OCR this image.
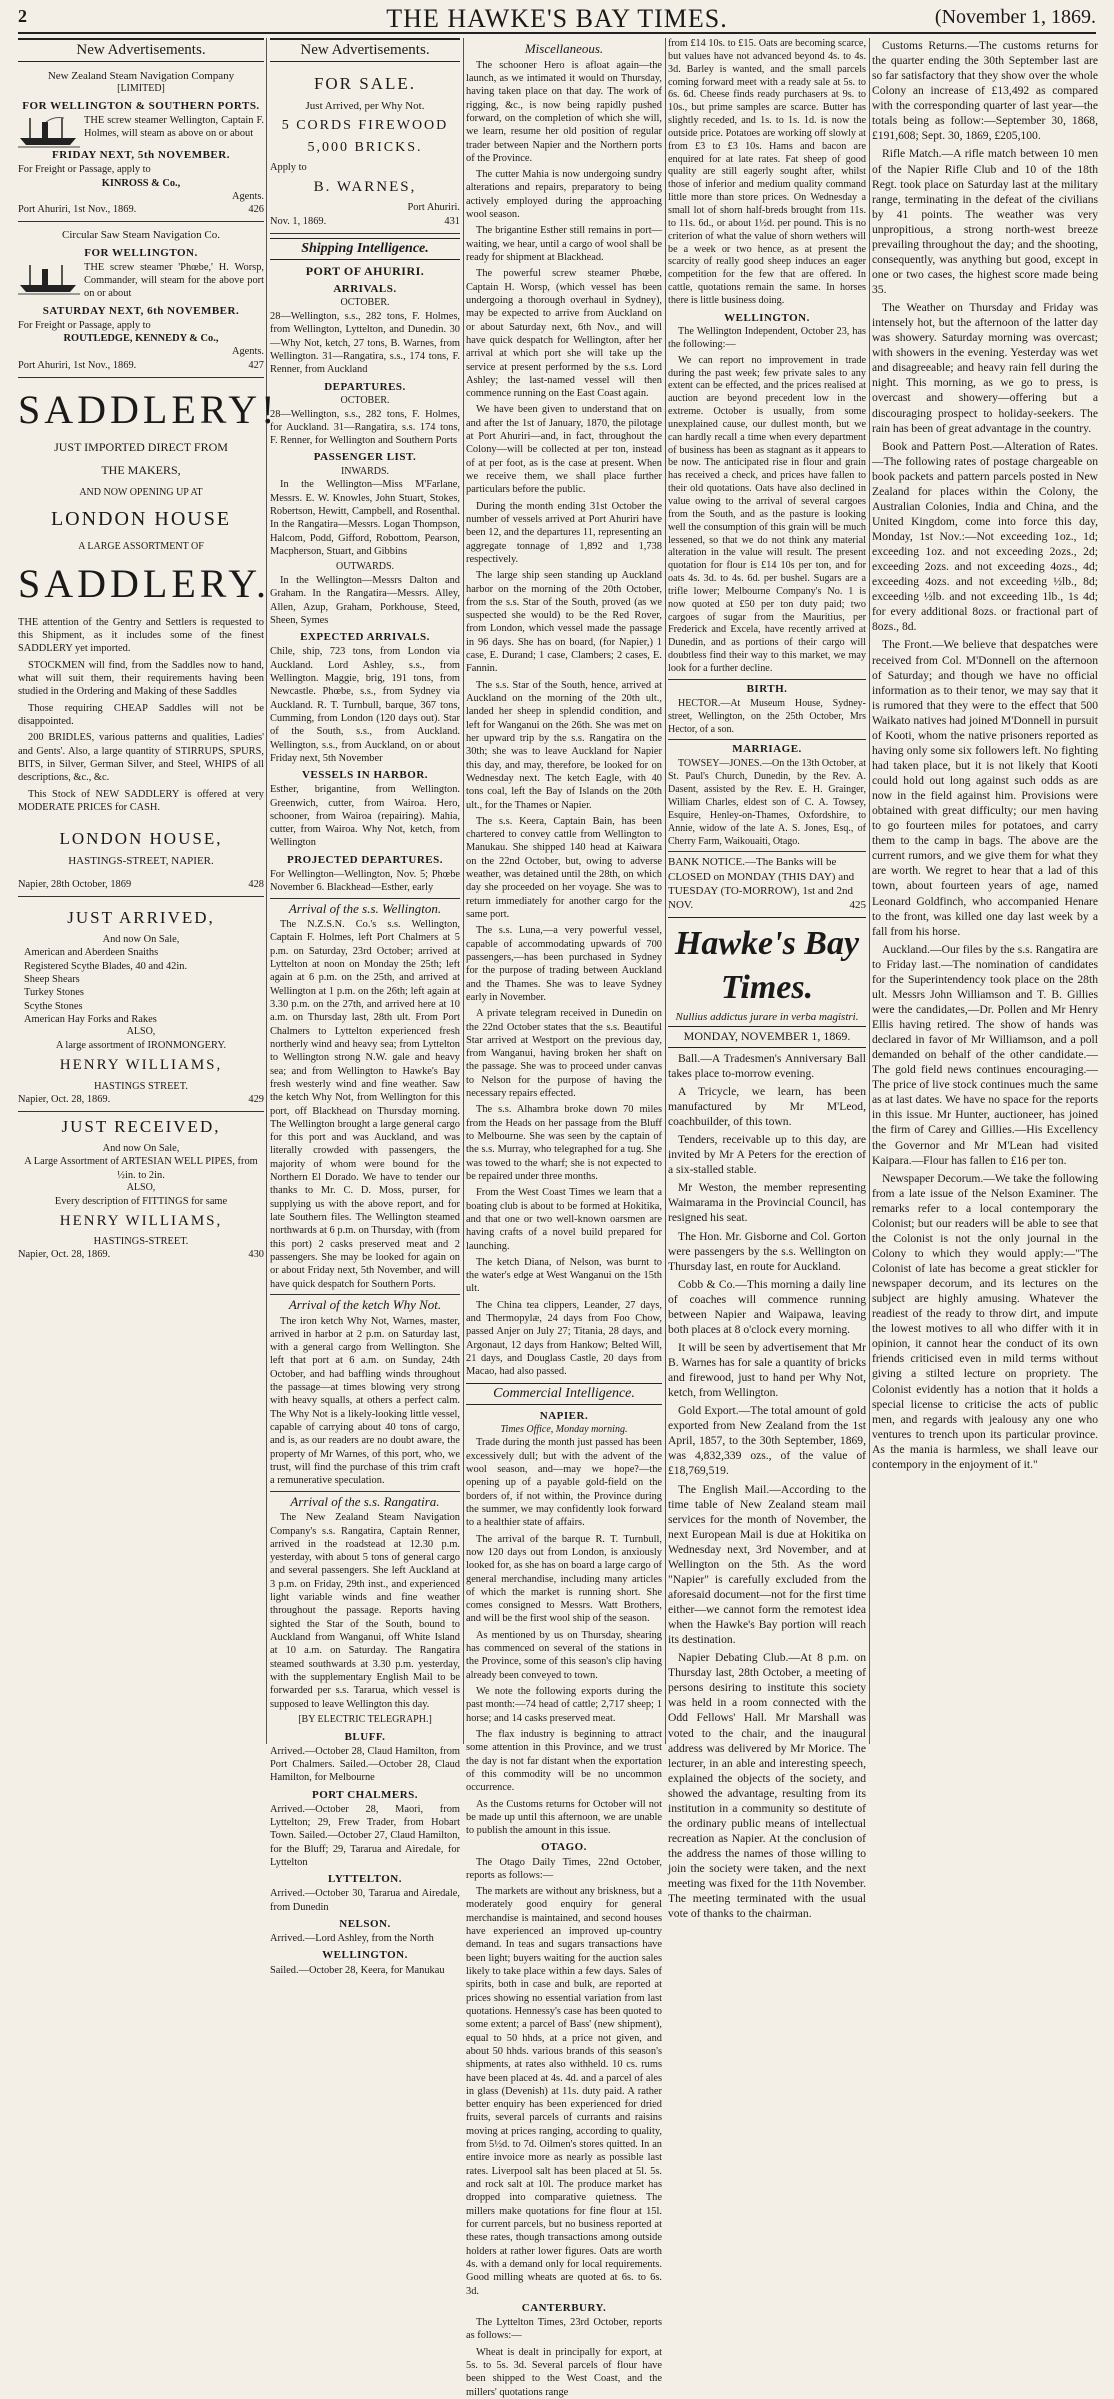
2	THE HAWKE'S BAY TIMES.	(November 1, 1869.
New Advertisements.
New Zealand Steam Navigation Company
[LIMITED]
FOR WELLINGTON & SOUTHERN PORTS.

THE screw steamer Wellington, Captain F. Holmes, will steam as above on or about

FRIDAY NEXT, 5th NOVEMBER.
For Freight or Passage, apply to
KINROSS & Co.,
Agents.
Port Ahuriri, 1st Nov., 1869.	426
Circular Saw Steam Navigation Co.
FOR WELLINGTON.

THE screw steamer 'Phœbe,' H. Worsp, Commander, will steam for the above port on or about

SATURDAY NEXT, 6th NOVEMBER.
For Freight or Passage, apply to
ROUTLEDGE, KENNEDY & Co.,
Agents.
Port Ahuriri, 1st Nov., 1869.	427
SADDLERY!
JUST IMPORTED DIRECT FROM
THE MAKERS,
AND NOW OPENING UP AT
LONDON HOUSE
A LARGE ASSORTMENT OF
SADDLERY.

THE attention of the Gentry and Settlers is requested to this Shipment, as it includes some of the finest SADDLERY yet imported.

STOCKMEN will find, from the Saddles now to hand, what will suit them, their requirements having been studied in the Ordering and Making of these Saddles

Those requiring CHEAP Saddles will not be disappointed.

200 BRIDLES, various patterns and qualities, Ladies' and Gents'. Also, a large quantity of STIRRUPS, SPURS, BITS, in Silver, German Silver, and Steel, WHIPS of all descriptions, &c., &c.

This Stock of NEW SADDLERY is offered at very MODERATE PRICES for CASH.

LONDON HOUSE,
HASTINGS-STREET, NAPIER.
Napier, 28th October, 1869	428
JUST ARRIVED,
And now On Sale,
American and Aberdeen Snaiths
Registered Scythe Blades, 40 and 42in.
Sheep Shears
Turkey Stones
Scythe Stones
American Hay Forks and Rakes
ALSO,
A large assortment of IRONMONGERY.
HENRY WILLIAMS,
HASTINGS STREET.
Napier, Oct. 28, 1869.	429
JUST RECEIVED,
And now On Sale,
A Large Assortment of ARTESIAN WELL PIPES, from ½in. to 2in.
ALSO,
Every description of FITTINGS for same
HENRY WILLIAMS,
HASTINGS-STREET.
Napier, Oct. 28, 1869.	430
New Advertisements.
FOR SALE.
Just Arrived, per Why Not.
5 CORDS FIREWOOD
5,000 BRICKS.
Apply to
B. WARNES,
Port Ahuriri.
Nov. 1, 1869.	431
Shipping Intelligence.
PORT OF AHURIRI.
ARRIVALS.
OCTOBER.

28—Wellington, s.s., 282 tons, F. Holmes, from Wellington, Lyttelton, and Dunedin. 30—Why Not, ketch, 27 tons, B. Warnes, from Wellington. 31—Rangatira, s.s., 174 tons, F. Renner, from Auckland

DEPARTURES.
OCTOBER.

28—Wellington, s.s., 282 tons, F. Holmes, for Auckland. 31—Rangatira, s.s. 174 tons, F. Renner, for Wellington and Southern Ports

PASSENGER LIST.
INWARDS.

In the Wellington—Miss M'Farlane, Messrs. E. W. Knowles, John Stuart, Stokes, Robertson, Hewitt, Campbell, and Rosenthal. In the Rangatira—Messrs. Logan Thompson, Halcom, Podd, Gifford, Robottom, Pearson, Macpherson, Stuart, and Gibbins

OUTWARDS.

In the Wellington—Messrs Dalton and Graham. In the Rangatira—Messrs. Alley, Allen, Azup, Graham, Porkhouse, Steed, Sheen, Symes

EXPECTED ARRIVALS.

Chile, ship, 723 tons, from London via Auckland. Lord Ashley, s.s., from Wellington. Maggie, brig, 191 tons, from Newcastle. Phœbe, s.s., from Sydney via Auckland. R. T. Turnbull, barque, 367 tons, Cumming, from London (120 days out). Star of the South, s.s., from Auckland. Wellington, s.s., from Auckland, on or about Friday next, 5th November

VESSELS IN HARBOR.

Esther, brigantine, from Wellington. Greenwich, cutter, from Wairoa. Hero, schooner, from Wairoa (repairing). Mahia, cutter, from Wairoa. Why Not, ketch, from Wellington

PROJECTED DEPARTURES.

For Wellington—Wellington, Nov. 5; Phœbe November 6. Blackhead—Esther, early

Arrival of the s.s. Wellington.

The N.Z.S.N. Co.'s s.s. Wellington, Captain F. Holmes, left Port Chalmers at 5 p.m. on Saturday, 23rd October; arrived at Lyttelton at noon on Monday the 25th; left again at 6 p.m. on the 25th, and arrived at Wellington at 1 p.m. on the 26th; left again at 3.30 p.m. on the 27th, and arrived here at 10 a.m. on Thursday last, 28th ult. From Port Chalmers to Lyttelton experienced fresh northerly wind and heavy sea; from Lyttelton to Wellington strong N.W. gale and heavy sea; and from Wellington to Hawke's Bay fresh westerly wind and fine weather. Saw the ketch Why Not, from Wellington for this port, off Blackhead on Thursday morning. The Wellington brought a large general cargo for this port and was Auckland, and was literally crowded with passengers, the majority of whom were bound for the Northern El Dorado. We have to tender our thanks to Mr. C. D. Moss, purser, for supplying us with the above report, and for late Southern files. The Wellington steamed northwards at 6 p.m. on Thursday, with (from this port) 2 casks preserved meat and 2 passengers. She may be looked for again on or about Friday next, 5th November, and will have quick despatch for Southern Ports.

Arrival of the ketch Why Not.

The iron ketch Why Not, Warnes, master, arrived in harbor at 2 p.m. on Saturday last, with a general cargo from Wellington. She left that port at 6 a.m. on Sunday, 24th October, and had baffling winds throughout the passage—at times blowing very strong with heavy squalls, at others a perfect calm. The Why Not is a likely-looking little vessel, capable of carrying about 40 tons of cargo, and is, as our readers are no doubt aware, the property of Mr Warnes, of this port, who, we trust, will find the purchase of this trim craft a remunerative speculation.

Arrival of the s.s. Rangatira.

The New Zealand Steam Navigation Company's s.s. Rangatira, Captain Renner, arrived in the roadstead at 12.30 p.m. yesterday, with about 5 tons of general cargo and several passengers. She left Auckland at 3 p.m. on Friday, 29th inst., and experienced light variable winds and fine weather throughout the passage. Reports having sighted the Star of the South, bound to Auckland from Wanganui, off White Island at 10 a.m. on Saturday. The Rangatira steamed southwards at 3.30 p.m. yesterday, with the supplementary English Mail to be forwarded per s.s. Tararua, which vessel is supposed to leave Wellington this day.

[BY ELECTRIC TELEGRAPH.]
BLUFF.

Arrived.—October 28, Claud Hamilton, from Port Chalmers. Sailed.—October 28, Claud Hamilton, for Melbourne

PORT CHALMERS.

Arrived.—October 28, Maori, from Lyttelton; 29, Frew Trader, from Hobart Town. Sailed.—October 27, Claud Hamilton, for the Bluff; 29, Tararua and Airedale, for Lyttelton

LYTTELTON.

Arrived.—October 30, Tararua and Airedale, from Dunedin

NELSON.

Arrived.—Lord Ashley, from the North

WELLINGTON.

Sailed.—October 28, Keera, for Manukau

Miscellaneous.

The schooner Hero is afloat again—the launch, as we intimated it would on Thursday, having taken place on that day. The work of rigging, &c., is now being rapidly pushed forward, on the completion of which she will, we learn, resume her old position of regular trader between Napier and the Northern ports of the Province.

The cutter Mahia is now undergoing sundry alterations and repairs, preparatory to being actively employed during the approaching wool season.

The brigantine Esther still remains in port—waiting, we hear, until a cargo of wool shall be ready for shipment at Blackhead.

The powerful screw steamer Phœbe, Captain H. Worsp, (which vessel has been undergoing a thorough overhaul in Sydney), may be expected to arrive from Auckland on or about Saturday next, 6th Nov., and will have quick despatch for Wellington, after her arrival at which port she will take up the service at present performed by the s.s. Lord Ashley; the last-named vessel will then commence running on the East Coast again.

We have been given to understand that on and after the 1st of January, 1870, the pilotage at Port Ahuriri—and, in fact, throughout the Colony—will be collected at per ton, instead of at per foot, as is the case at present. When we receive them, we shall place further particulars before the public.

During the month ending 31st October the number of vessels arrived at Port Ahuriri have been 12, and the departures 11, representing an aggregate tonnage of 1,892 and 1,738 respectively.

The large ship seen standing up Auckland harbor on the morning of the 20th October, from the s.s. Star of the South, proved (as we suspected she would) to be the Red Rover, from London, which vessel made the passage in 96 days. She has on board, (for Napier,) 1 case, E. Durand; 1 case, Clambers; 2 cases, E. Fannin.

The s.s. Star of the South, hence, arrived at Auckland on the morning of the 20th ult., landed her sheep in splendid condition, and left for Wanganui on the 26th. She was met on her upward trip by the s.s. Rangatira on the 30th; she was to leave Auckland for Napier this day, and may, therefore, be looked for on Wednesday next. The ketch Eagle, with 40 tons coal, left the Bay of Islands on the 20th ult., for the Thames or Napier.

The s.s. Keera, Captain Bain, has been chartered to convey cattle from Wellington to Manukau. She shipped 140 head at Kaiwara on the 22nd October, but, owing to adverse weather, was detained until the 28th, on which day she proceeded on her voyage. She was to return immediately for another cargo for the same port.

The s.s. Luna,—a very powerful vessel, capable of accommodating upwards of 700 passengers,—has been purchased in Sydney for the purpose of trading between Auckland and the Thames. She was to leave Sydney early in November.

A private telegram received in Dunedin on the 22nd October states that the s.s. Beautiful Star arrived at Westport on the previous day, from Wanganui, having broken her shaft on the passage. She was to proceed under canvas to Nelson for the purpose of having the necessary repairs effected.

The s.s. Alhambra broke down 70 miles from the Heads on her passage from the Bluff to Melbourne. She was seen by the captain of the s.s. Murray, who telegraphed for a tug. She was towed to the wharf; she is not expected to be repaired under three months.

From the West Coast Times we learn that a boating club is about to be formed at Hokitika, and that one or two well-known oarsmen are having crafts of a novel build prepared for launching.

The ketch Diana, of Nelson, was burnt to the water's edge at West Wanganui on the 15th ult.

The China tea clippers, Leander, 27 days, and Thermopylæ, 24 days from Foo Chow, passed Anjer on July 27; Titania, 28 days, and Argonaut, 12 days from Hankow; Belted Will, 21 days, and Douglass Castle, 20 days from Macao, had also passed.

Commercial Intelligence.
NAPIER.
Times Office, Monday morning.

Trade during the month just passed has been excessively dull; but with the advent of the wool season, and—may we hope?—the opening up of a payable gold-field on the borders of, if not within, the Province during the summer, we may confidently look forward to a healthier state of affairs.

The arrival of the barque R. T. Turnbull, now 120 days out from London, is anxiously looked for, as she has on board a large cargo of general merchandise, including many articles of which the market is running short. She comes consigned to Messrs. Watt Brothers, and will be the first wool ship of the season.

As mentioned by us on Thursday, shearing has commenced on several of the stations in the Province, some of this season's clip having already been conveyed to town.

We note the following exports during the past month:—74 head of cattle; 2,717 sheep; 1 horse; and 14 casks preserved meat.

The flax industry is beginning to attract some attention in this Province, and we trust the day is not far distant when the exportation of this commodity will be no uncommon occurrence.

As the Customs returns for October will not be made up until this afternoon, we are unable to publish the amount in this issue.

OTAGO.

The Otago Daily Times, 22nd October, reports as follows:—

The markets are without any briskness, but a moderately good enquiry for general merchandise is maintained, and second houses have experienced an improved up-country demand. In teas and sugars transactions have been light; buyers waiting for the auction sales likely to take place within a few days. Sales of spirits, both in case and bulk, are reported at prices showing no essential variation from last quotations. Hennessy's case has been quoted to some extent; a parcel of Bass' (new shipment), equal to 50 hhds, at a price not given, and about 50 hhds. various brands of this season's shipments, at rates also withheld. 10 cs. rums have been placed at 4s. 4d. and a parcel of ales in glass (Devenish) at 11s. duty paid. A rather better enquiry has been experienced for dried fruits, several parcels of currants and raisins moving at prices ranging, according to quality, from 5½d. to 7d. Oilmen's stores quitted. In an entire invoice more as nearly as possible last rates. Liverpool salt has been placed at 5l. 5s. and rock salt at 10l. The produce market has dropped into comparative quietness. The millers make quotations for fine flour at 15l. for current parcels, but no business reported at these rates, though transactions among outside holders at rather lower figures. Oats are worth 4s. with a demand only for local requirements. Good milling wheats are quoted at 6s. to 6s. 3d.

CANTERBURY.

The Lyttelton Times, 23rd October, reports as follows:—

Wheat is dealt in principally for export, at 5s. to 5s. 3d. Several parcels of flour have been shipped to the West Coast, and the millers' quotations range

from £14 10s. to £15. Oats are becoming scarce, but values have not advanced beyond 4s. to 4s. 3d. Barley is wanted, and the small parcels coming forward meet with a ready sale at 5s. to 6s. 6d. Cheese finds ready purchasers at 9s. to 10s., but prime samples are scarce. Butter has slightly receded, and 1s. to 1s. 1d. is now the outside price. Potatoes are working off slowly at from £3 to £3 10s. Hams and bacon are enquired for at late rates. Fat sheep of good quality are still eagerly sought after, whilst those of inferior and medium quality command little more than store prices. On Wednesday a small lot of shorn half-breds brought from 11s. to 11s. 6d., or about 1½d. per pound. This is no criterion of what the value of shorn wethers will be a week or two hence, as at present the scarcity of really good sheep induces an eager competition for the few that are offered. In cattle, quotations remain the same. In horses there is little business doing.

WELLINGTON.

The Wellington Independent, October 23, has the following:—

We can report no improvement in trade during the past week; few private sales to any extent can be effected, and the prices realised at auction are beyond precedent low in the extreme. October is usually, from some unexplained cause, our dullest month, but we can hardly recall a time when every department of business has been as stagnant as it appears to be now. The anticipated rise in flour and grain has received a check, and prices have fallen to their old quotations. Oats have also declined in value owing to the arrival of several cargoes from the South, and as the pasture is looking well the consumption of this grain will be much lessened, so that we do not think any material alteration in the value will result. The present quotation for flour is £14 10s per ton, and for oats 4s. 3d. to 4s. 6d. per bushel. Sugars are a trifle lower; Melbourne Company's No. 1 is now quoted at £50 per ton duty paid; two cargoes of sugar from the Mauritius, per Frederick and Excela, have recently arrived at Dunedin, and as portions of their cargo will doubtless find their way to this market, we may look for a further decline.

BIRTH.

HECTOR.—At Museum House, Sydney-street, Wellington, on the 25th October, Mrs Hector, of a son.

MARRIAGE.

TOWSEY—JONES.—On the 13th October, at St. Paul's Church, Dunedin, by the Rev. A. Dasent, assisted by the Rev. E. H. Grainger, William Charles, eldest son of C. A. Towsey, Esquire, Henley-on-Thames, Oxfordshire, to Annie, widow of the late A. S. Jones, Esq., of Cherry Farm, Waikouaiti, Otago.

BANK NOTICE.—The Banks will be CLOSED on MONDAY (THIS DAY) and TUESDAY (TO-MORROW), 1st and 2nd NOV.	425
Hawke's Bay Times.
Nullius addictus jurare in verba magistri.
MONDAY, NOVEMBER 1, 1869.

Ball.—A Tradesmen's Anniversary Ball takes place to-morrow evening.

A Tricycle, we learn, has been manufactured by Mr M'Leod, coachbuilder, of this town.

Tenders, receivable up to this day, are invited by Mr A Peters for the erection of a six-stalled stable.

Mr Weston, the member representing Waimarama in the Provincial Council, has resigned his seat.

The Hon. Mr. Gisborne and Col. Gorton were passengers by the s.s. Wellington on Thursday last, en route for Auckland.

Cobb & Co.—This morning a daily line of coaches will commence running between Napier and Waipawa, leaving both places at 8 o'clock every morning.

It will be seen by advertisement that Mr B. Warnes has for sale a quantity of bricks and firewood, just to hand per Why Not, ketch, from Wellington.

Gold Export.—The total amount of gold exported from New Zealand from the 1st April, 1857, to the 30th September, 1869, was 4,832,339 ozs., of the value of £18,769,519.

The English Mail.—According to the time table of New Zealand steam mail services for the month of November, the next European Mail is due at Hokitika on Wednesday next, 3rd November, and at Wellington on the 5th. As the word "Napier" is carefully excluded from the aforesaid document—not for the first time either—we cannot form the remotest idea when the Hawke's Bay portion will reach its destination.

Napier Debating Club.—At 8 p.m. on Thursday last, 28th October, a meeting of persons desiring to institute this society was held in a room connected with the Odd Fellows' Hall. Mr Marshall was voted to the chair, and the inaugural address was delivered by Mr Morice. The lecturer, in an able and interesting speech, explained the objects of the society, and showed the advantage, resulting from its institution in a community so destitute of the ordinary public means of intellectual recreation as Napier. At the conclusion of the address the names of those willing to join the society were taken, and the next meeting was fixed for the 11th November. The meeting terminated with the usual vote of thanks to the chairman.

Customs Returns.—The customs returns for the quarter ending the 30th September last are so far satisfactory that they show over the whole Colony an increase of £13,492 as compared with the corresponding quarter of last year—the totals being as follow:—September 30, 1868, £191,608; Sept. 30, 1869, £205,100.

Rifle Match.—A rifle match between 10 men of the Napier Rifle Club and 10 of the 18th Regt. took place on Saturday last at the military range, terminating in the defeat of the civilians by 41 points. The weather was very unpropitious, a strong north-west breeze prevailing throughout the day; and the shooting, consequently, was anything but good, except in one or two cases, the highest score made being 35.

The Weather on Thursday and Friday was intensely hot, but the afternoon of the latter day was showery. Saturday morning was overcast; with showers in the evening. Yesterday was wet and disagreeable; and heavy rain fell during the night. This morning, as we go to press, is overcast and showery—offering but a discouraging prospect to holiday-seekers. The rain has been of great advantage in the country.

Book and Pattern Post.—Alteration of Rates.—The following rates of postage chargeable on book packets and pattern parcels posted in New Zealand for places within the Colony, the Australian Colonies, India and China, and the United Kingdom, come into force this day, Monday, 1st Nov.:—Not exceeding 1oz., 1d; exceeding 1oz. and not exceeding 2ozs., 2d; exceeding 2ozs. and not exceeding 4ozs., 4d; exceeding 4ozs. and not exceeding ½lb., 8d; exceeding ½lb. and not exceeding 1lb., 1s 4d; for every additional 8ozs. or fractional part of 8ozs., 8d.

The Front.—We believe that despatches were received from Col. M'Donnell on the afternoon of Saturday; and though we have no official information as to their tenor, we may say that it is rumored that they were to the effect that 500 Waikato natives had joined M'Donnell in pursuit of Kooti, whom the native prisoners reported as having only some six followers left. No fighting had taken place, but it is not likely that Kooti could hold out long against such odds as are now in the field against him. Provisions were obtained with great difficulty; our men having to go fourteen miles for potatoes, and carry them to the camp in bags. The above are the current rumors, and we give them for what they are worth. We regret to hear that a lad of this town, about fourteen years of age, named Leonard Goldfinch, who accompanied Henare to the front, was killed one day last week by a fall from his horse.

Auckland.—Our files by the s.s. Rangatira are to Friday last.—The nomination of candidates for the Superintendency took place on the 28th ult. Messrs John Williamson and T. B. Gillies were the candidates,—Dr. Pollen and Mr Henry Ellis having retired. The show of hands was declared in favor of Mr Williamson, and a poll demanded on behalf of the other candidate.—The gold field news continues encouraging.—The price of live stock continues much the same as at last dates. We have no space for the reports in this issue. Mr Hunter, auctioneer, has joined the firm of Carey and Gillies.—His Excellency the Governor and Mr M'Lean had visited Kaipara.—Flour has fallen to £16 per ton.

Newspaper Decorum.—We take the following from a late issue of the Nelson Examiner. The remarks refer to a local contemporary the Colonist; but our readers will be able to see that the Colonist is not the only journal in the Colony to which they would apply:—"The Colonist of late has become a great stickler for newspaper decorum, and its lectures on the subject are highly amusing. Whatever the readiest of the ready to throw dirt, and impute the lowest motives to all who differ with it in opinion, it cannot hear the conduct of its own friends criticised even in mild terms without giving a stilted lecture on propriety. The Colonist evidently has a notion that it holds a special license to criticise the acts of public men, and regards with jealousy any one who ventures to trench upon its particular province. As the mania is harmless, we shall leave our contempory in the enjoyment of it."
